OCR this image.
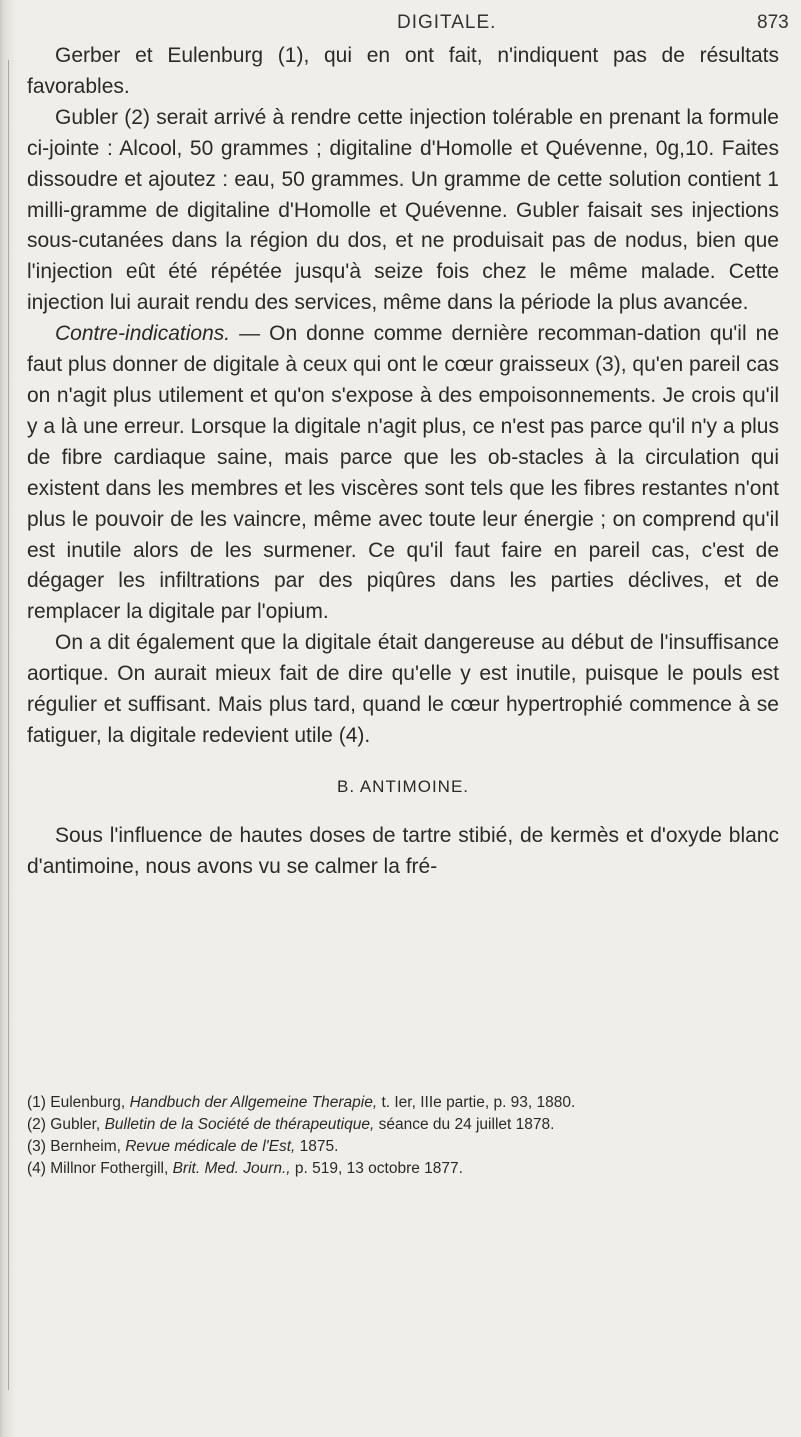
DIGITALE.	873

Gerber et Eulenburg (1), qui en ont fait, n'indiquent pas de résultats favorables.

Gubler (2) serait arrivé à rendre cette injection tolérable en prenant la formule ci-jointe : Alcool, 50 grammes ; digitaline d'Homolle et Quévenne, 0g,10. Faites dissoudre et ajoutez : eau, 50 grammes. Un gramme de cette solution contient 1 milli-gramme de digitaline d'Homolle et Quévenne. Gubler faisait ses injections sous-cutanées dans la région du dos, et ne produisait pas de nodus, bien que l'injection eût été répétée jusqu'à seize fois chez le même malade. Cette injection lui aurait rendu des services, même dans la période la plus avancée.

Contre-indications. — On donne comme dernière recomman-dation qu'il ne faut plus donner de digitale à ceux qui ont le cœur graisseux (3), qu'en pareil cas on n'agit plus utilement et qu'on s'expose à des empoisonnements. Je crois qu'il y a là une erreur. Lorsque la digitale n'agit plus, ce n'est pas parce qu'il n'y a plus de fibre cardiaque saine, mais parce que les ob-stacles à la circulation qui existent dans les membres et les viscères sont tels que les fibres restantes n'ont plus le pouvoir de les vaincre, même avec toute leur énergie ; on comprend qu'il est inutile alors de les surmener. Ce qu'il faut faire en pareil cas, c'est de dégager les infiltrations par des piqûres dans les parties déclives, et de remplacer la digitale par l'opium.

On a dit également que la digitale était dangereuse au début de l'insuffisance aortique. On aurait mieux fait de dire qu'elle y est inutile, puisque le pouls est régulier et suffisant. Mais plus tard, quand le cœur hypertrophié commence à se fatiguer, la digitale redevient utile (4).

B. ANTIMOINE.

Sous l'influence de hautes doses de tartre stibié, de kermès et d'oxyde blanc d'antimoine, nous avons vu se calmer la fré-

(1) Eulenburg, Handbuch der Allgemeine Therapie, t. Ier, IIIe partie, p. 93, 1880.

(2) Gubler, Bulletin de la Société de thérapeutique, séance du 24 juillet 1878.

(3) Bernheim, Revue médicale de l'Est, 1875.

(4) Millnor Fothergill, Brit. Med. Journ., p. 519, 13 octobre 1877.
